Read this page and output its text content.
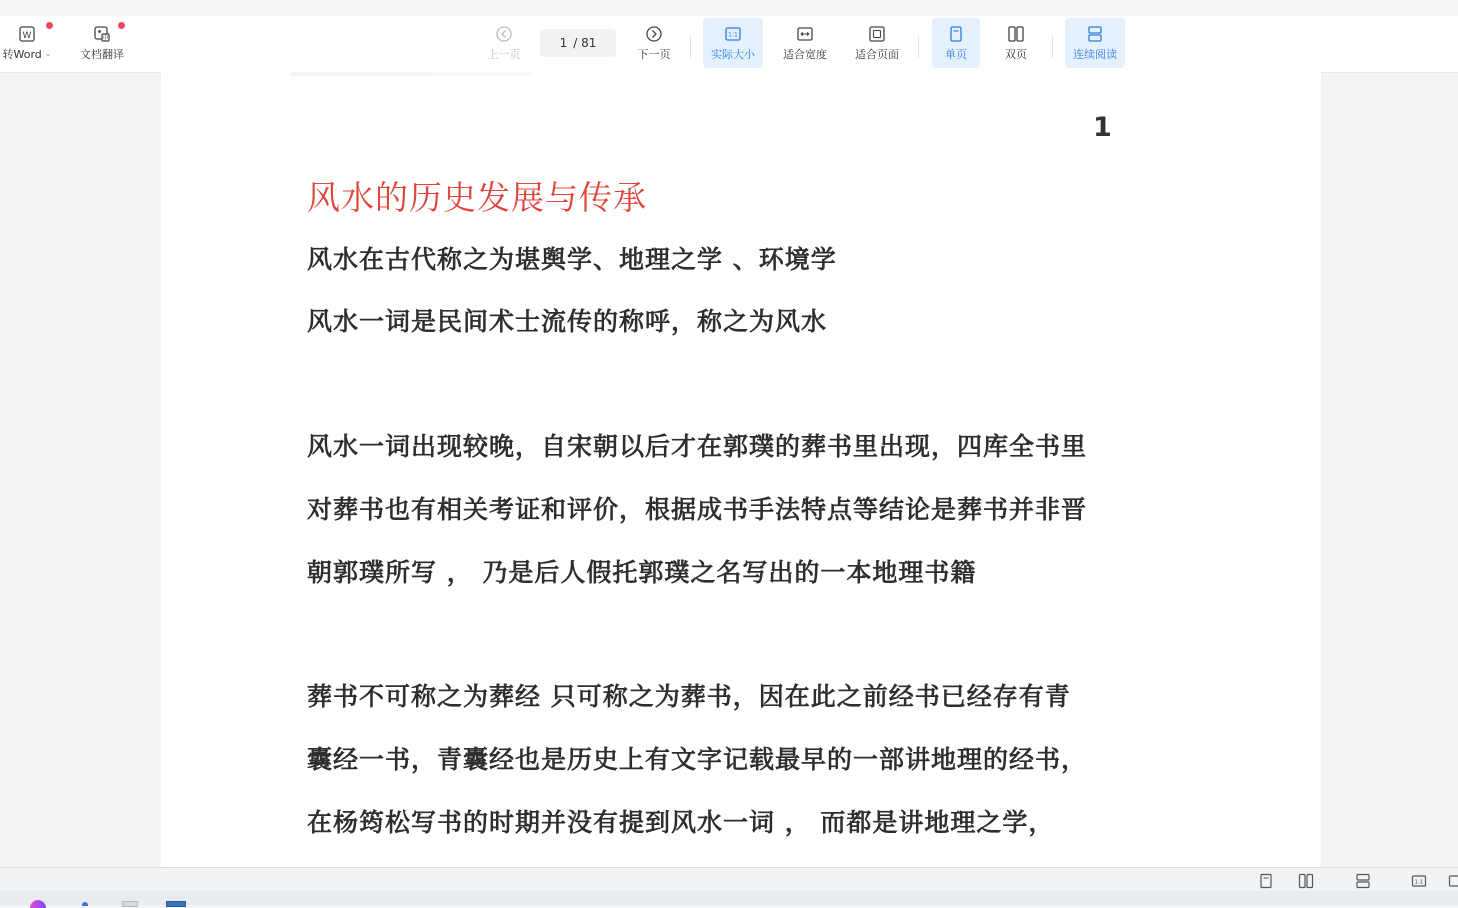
W
转Word ⌄
中
文档翻译	上一页
1 / 81
下一页
1:1
实际大小	适合宽度	适合页面	单页	双页	连续阅读
1
风水的历史发展与传承
风水在古代称之为堪舆学、地理之学 、环境学
风水一词是民间术士流传的称呼，称之为风水
风水一词出现较晚，自宋朝以后才在郭璞的葬书里出现，四库全书里
对葬书也有相关考证和评价，根据成书手法特点等结论是葬书并非晋
朝郭璞所写 ， 乃是后人假托郭璞之名写出的一本地理书籍
葬书不可称之为葬经 只可称之为葬书，因在此之前经书已经存有青
囊经一书，青囊经也是历史上有文字记载最早的一部讲地理的经书，
在杨筠松写书的时期并没有提到风水一词 ， 而都是讲地理之学，
1:1
